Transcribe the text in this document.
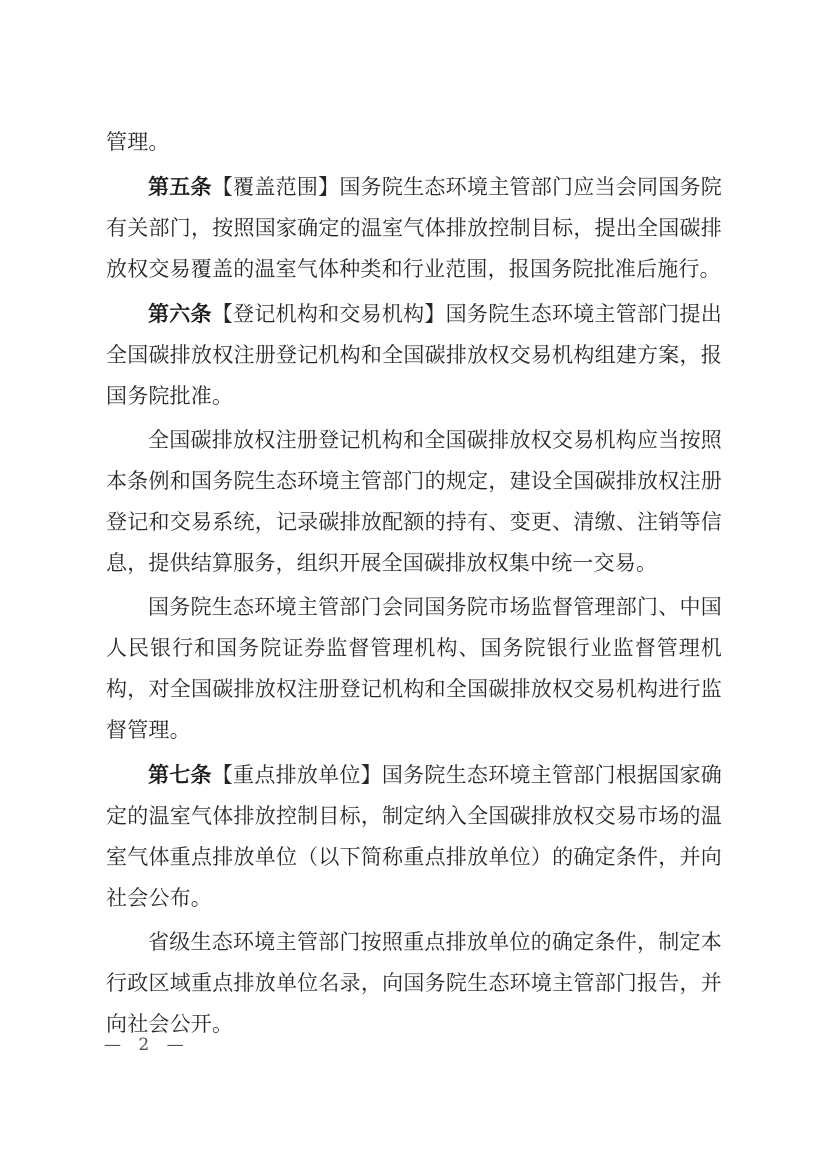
管理。

第五条【覆盖范围】国务院生态环境主管部门应当会同国务院有关部门，按照国家确定的温室气体排放控制目标，提出全国碳排放权交易覆盖的温室气体种类和行业范围，报国务院批准后施行。

第六条【登记机构和交易机构】国务院生态环境主管部门提出全国碳排放权注册登记机构和全国碳排放权交易机构组建方案，报国务院批准。

全国碳排放权注册登记机构和全国碳排放权交易机构应当按照本条例和国务院生态环境主管部门的规定，建设全国碳排放权注册登记和交易系统，记录碳排放配额的持有、变更、清缴、注销等信息，提供结算服务，组织开展全国碳排放权集中统一交易。

国务院生态环境主管部门会同国务院市场监督管理部门、中国人民银行和国务院证券监督管理机构、国务院银行业监督管理机构，对全国碳排放权注册登记机构和全国碳排放权交易机构进行监督管理。

第七条【重点排放单位】国务院生态环境主管部门根据国家确定的温室气体排放控制目标，制定纳入全国碳排放权交易市场的温室气体重点排放单位（以下简称重点排放单位）的确定条件，并向社会公布。

省级生态环境主管部门按照重点排放单位的确定条件，制定本行政区域重点排放单位名录，向国务院生态环境主管部门报告，并向社会公开。

— 2 —
